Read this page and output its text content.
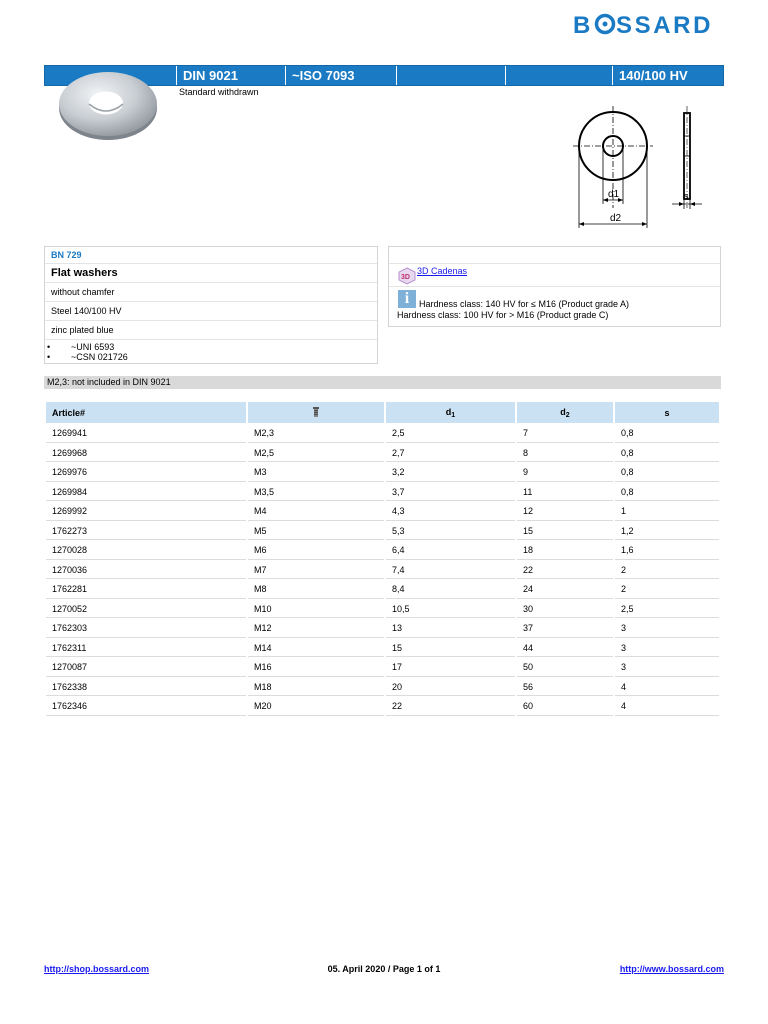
B SSARD
DIN 9021	~ISO 7093	140/100 HV
Standard withdrawn
d1
d2
s
BN 729
Flat washers
without chamfer
Steel 140/100 HV
zinc plated blue
• ~UNI 6593
• ~CSN 021726
3D
3D Cadenas
i	Hardness class: 140 HV for ≤ M16 (Product grade A)
Hardness class: 100 HV for > M16 (Product grade C)
M2,3: not included in DIN 9021
Article#		$d_1$	$d_2$	s
1269941	M2,3	2,5	7	0,8
1269968	M2,5	2,7	8	0,8
1269976	M3	3,2	9	0,8
1269984	M3,5	3,7	11	0,8
1269992	M4	4,3	12	1
1762273	M5	5,3	15	1,2
1270028	M6	6,4	18	1,6
1270036	M7	7,4	22	2
1762281	M8	8,4	24	2
1270052	M10	10,5	30	2,5
1762303	M12	13	37	3
1762311	M14	15	44	3
1270087	M16	17	50	3
1762338	M18	20	56	4
1762346	M20	22	60	4
http://shop.bossard.com	05. April 2020 / Page 1 of 1	http://www.bossard.com
